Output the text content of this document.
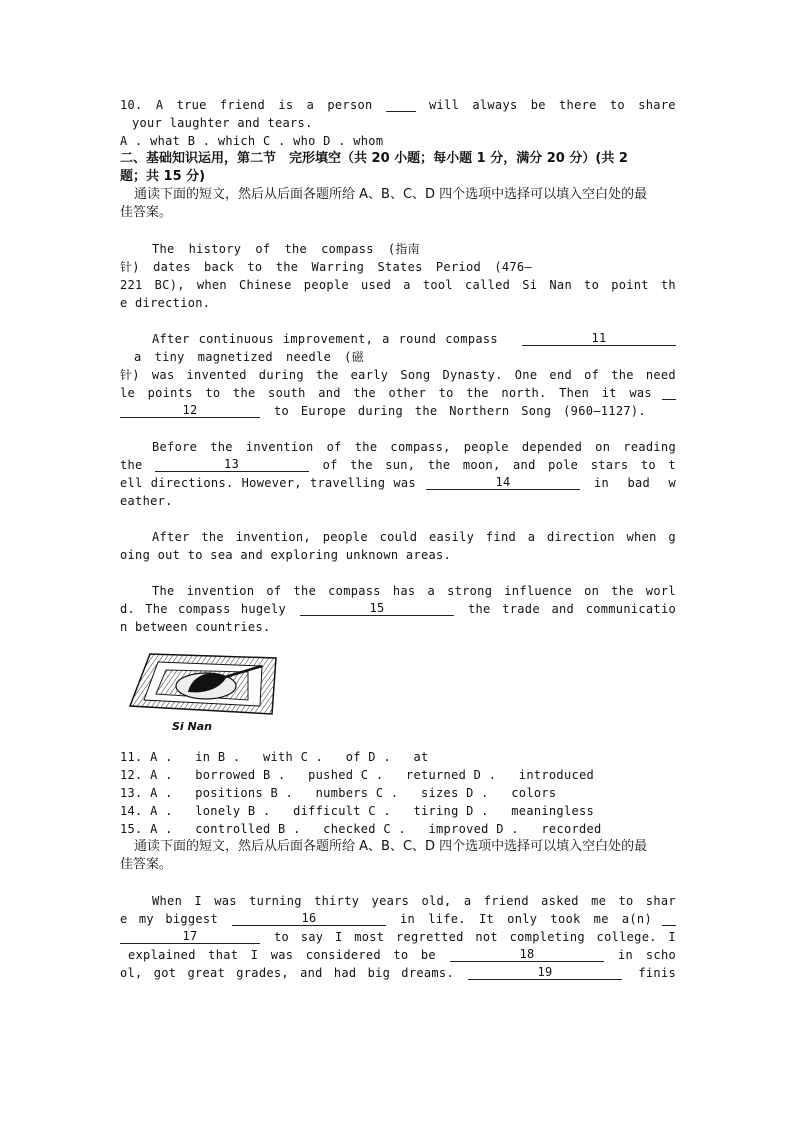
10. A true friend is a person	will always be there to share
your laughter and tears.
A . what B . which C . who D . whom
二、基础知识运用，第二节　完形填空（共 20 小题；每小题 1 分，满分 20 分）(共 2
题；共 15 分)
通读下面的短文，然后从后面各题所给 A、B、C、D 四个选项中选择可以填入空白处的最
佳答案。
The history of the compass (指南
针) dates back to the Warring States Period (476—
221 BC), when Chinese people used a tool called Si Nan to point th
e direction.
After continuous improvement, a round compass	11
a tiny magnetized needle (磁
针) was invented during the early Song Dynasty. One end of the need
le points to the south and the other to the north. Then it was
12	to Europe during the Northern Song (960—1127).
Before the invention of the compass, people depended on reading
the	13	of the sun, the moon, and pole stars to t
ell directions. However, travelling was	14	in bad w
eather.
After the invention, people could easily find a direction when g
oing out to sea and exploring unknown areas.
The invention of the compass has a strong influence on the worl
d. The compass hugely	15	the trade and communicatio
n between countries.
Si Nan
11. A .   in B .   with C .   of D .   at
12. A .   borrowed B .   pushed C .   returned D .   introduced
13. A .   positions B .   numbers C .   sizes D .   colors
14. A .   lonely B .   difficult C .   tiring D .   meaningless
15. A .   controlled B .   checked C .   improved D .   recorded
通读下面的短文，然后从后面各题所给 A、B、C、D 四个选项中选择可以填入空白处的最
佳答案。
When I was turning thirty years old, a friend asked me to shar
e my biggest	16	in life. It only took me a(n)
17	to say I most regretted not completing college. I
explained that I was considered to be	18	in scho
ol, got great grades, and had big dreams.	19	finis
